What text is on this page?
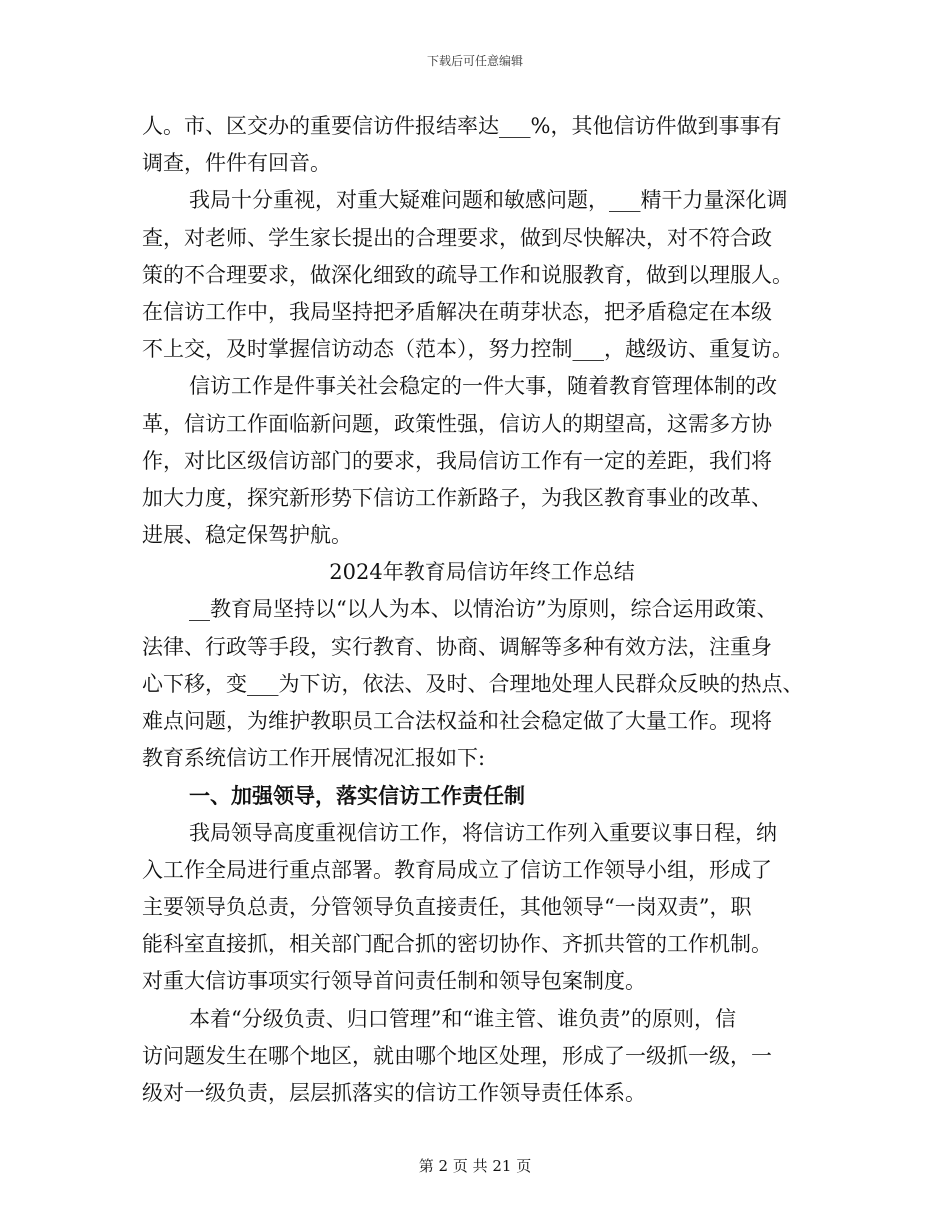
下载后可任意编辑
人。市、区交办的重要信访件报结率达___%，其他信访件做到事事有
调查，件件有回音。
我局十分重视，对重大疑难问题和敏感问题，___精干力量深化调
查，对老师、学生家长提出的合理要求，做到尽快解决，对不符合政
策的不合理要求，做深化细致的疏导工作和说服教育，做到以理服人。
在信访工作中，我局坚持把矛盾解决在萌芽状态，把矛盾稳定在本级
不上交，及时掌握信访动态（范本），努力控制___，越级访、重复访。
信访工作是件事关社会稳定的一件大事，随着教育管理体制的改
革，信访工作面临新问题，政策性强，信访人的期望高，这需多方协
作，对比区级信访部门的要求，我局信访工作有一定的差距，我们将
加大力度，探究新形势下信访工作新路子，为我区教育事业的改革、
进展、稳定保驾护航。
2024年教育局信访年终工作总结
__教育局坚持以“以人为本、以情治访”为原则，综合运用政策、
法律、行政等手段，实行教育、协商、调解等多种有效方法，注重身
心下移，变___为下访，依法、及时、合理地处理人民群众反映的热点、
难点问题，为维护教职员工合法权益和社会稳定做了大量工作。现将
教育系统信访工作开展情况汇报如下:
一、加强领导，落实信访工作责任制
我局领导高度重视信访工作，将信访工作列入重要议事日程，纳
入工作全局进行重点部署。教育局成立了信访工作领导小组，形成了
主要领导负总责，分管领导负直接责任，其他领导“一岗双责”，职
能科室直接抓，相关部门配合抓的密切协作、齐抓共管的工作机制。
对重大信访事项实行领导首问责任制和领导包案制度。
本着“分级负责、归口管理”和“谁主管、谁负责”的原则，信
访问题发生在哪个地区，就由哪个地区处理，形成了一级抓一级，一
级对一级负责，层层抓落实的信访工作领导责任体系。
第 2 页 共 21 页
